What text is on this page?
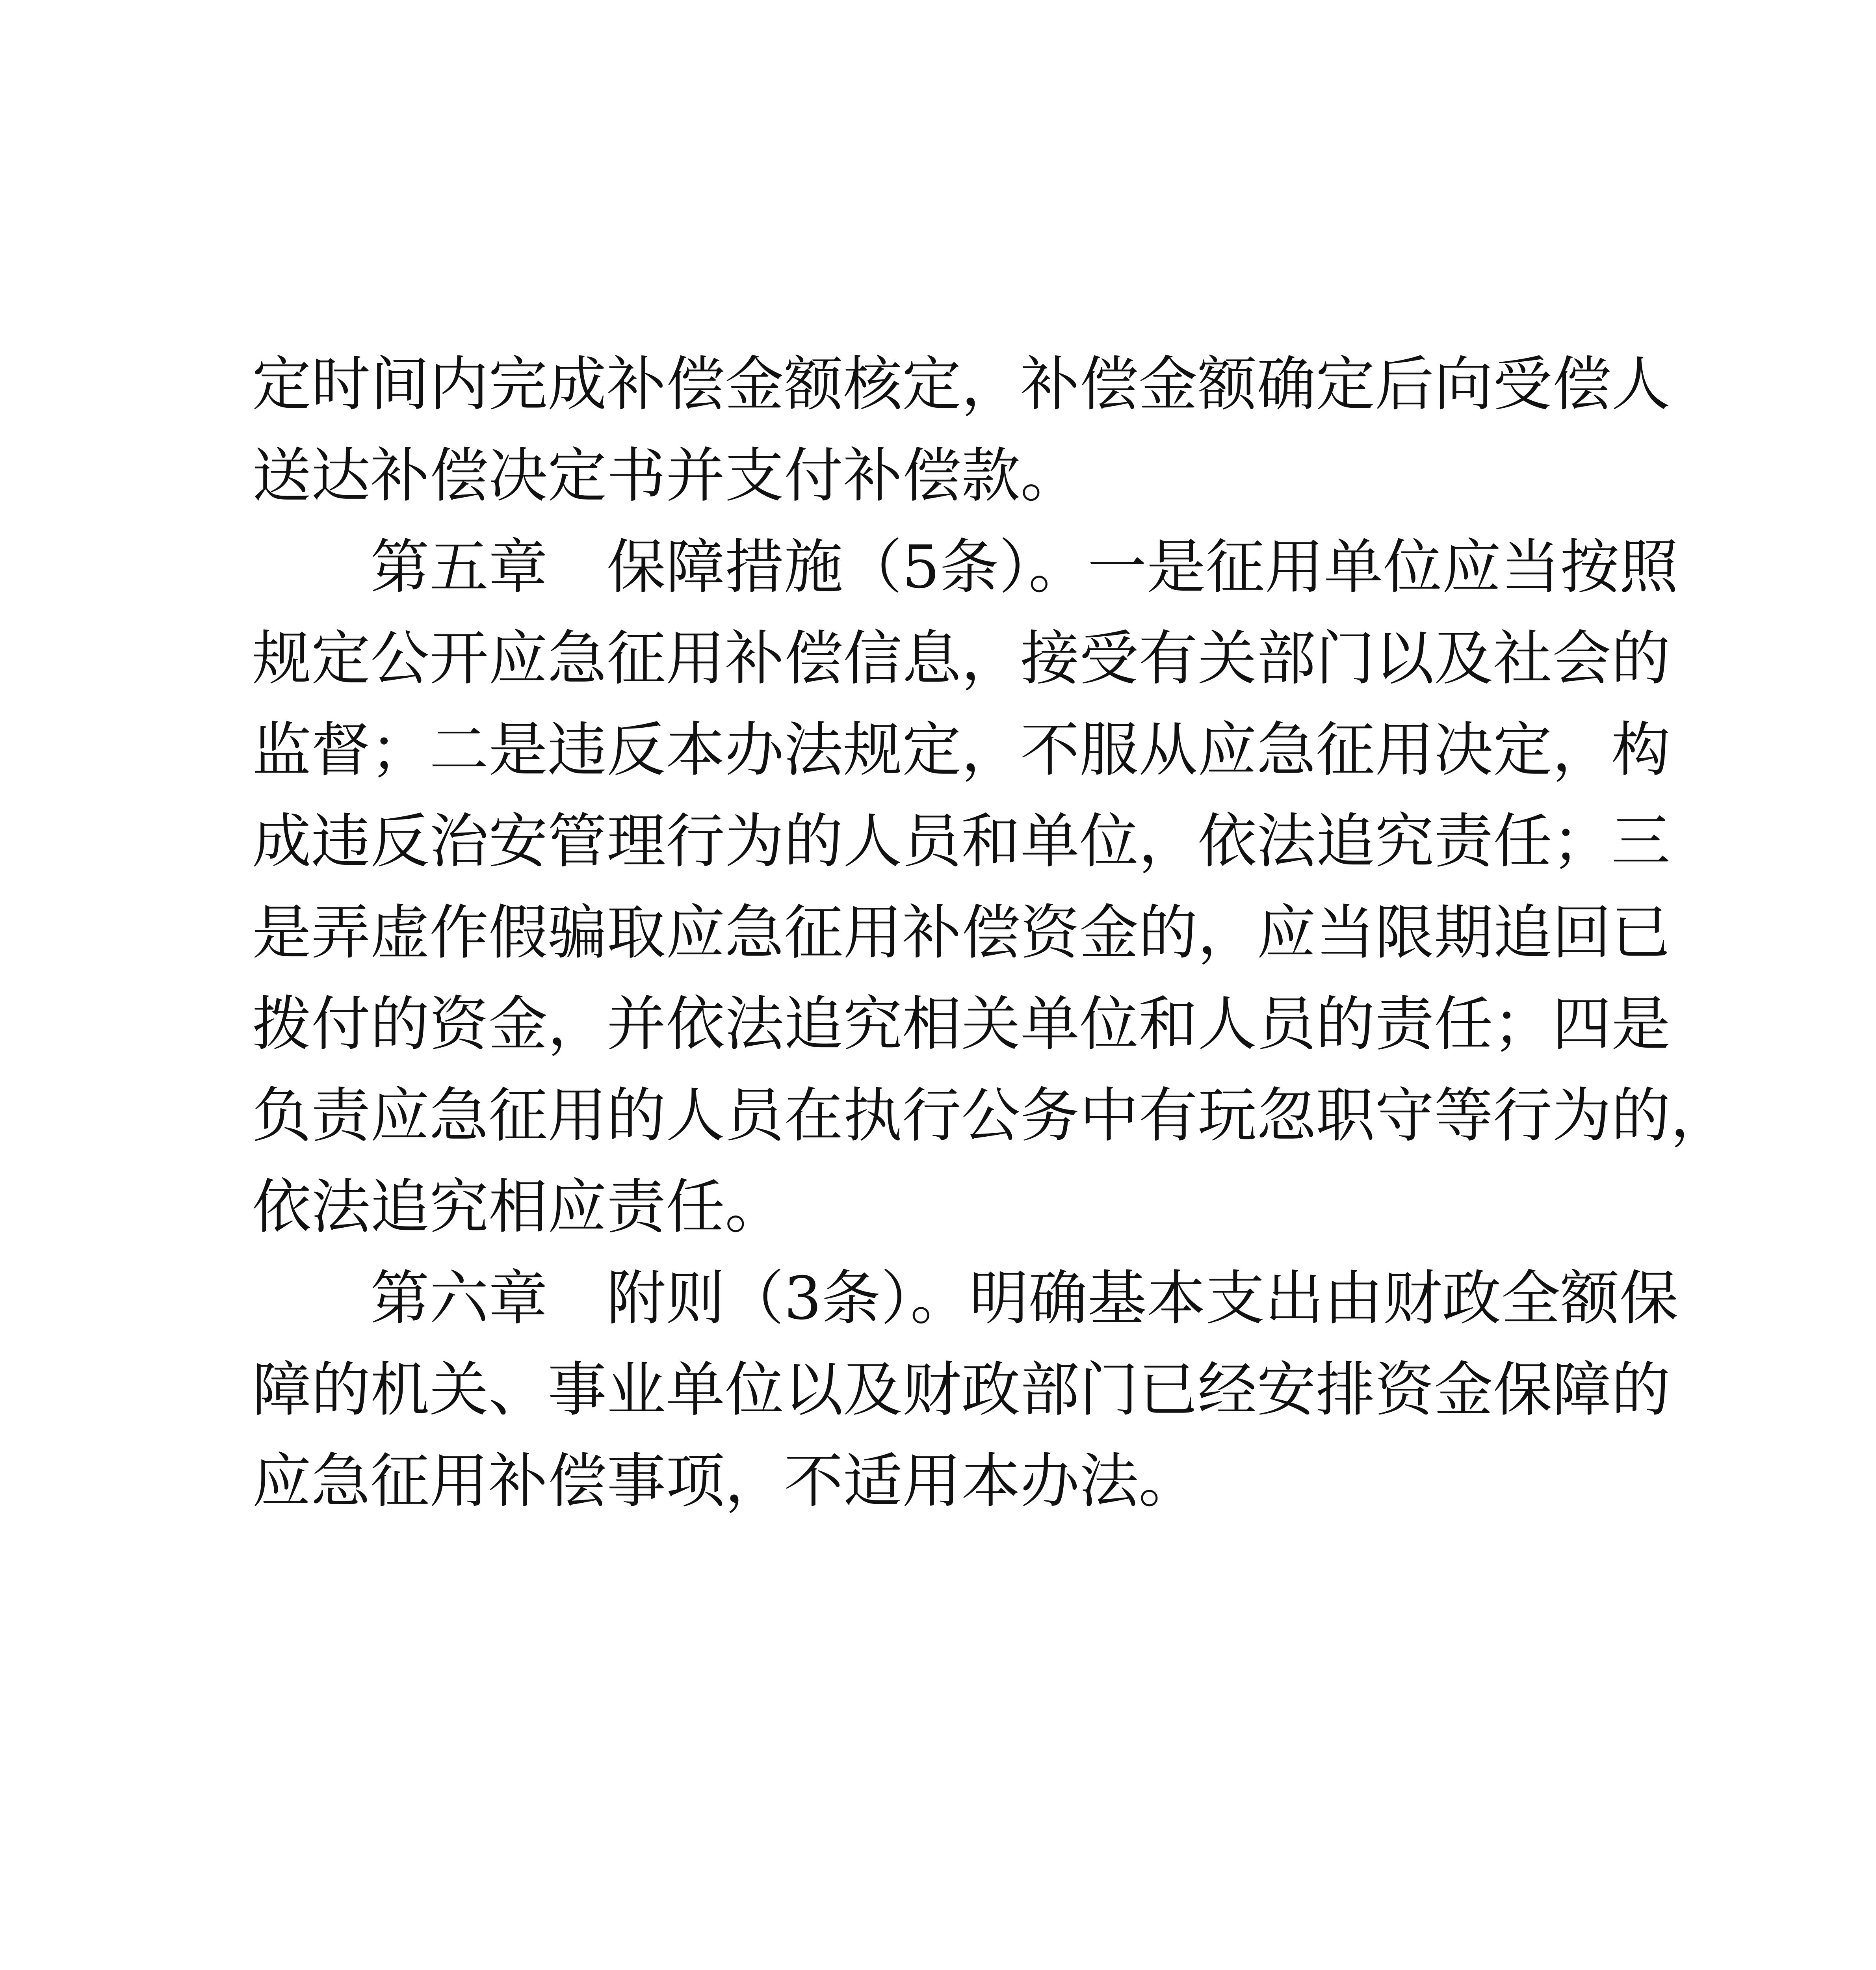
定时间内完成补偿金额核定，补偿金额确定后向受偿人
送达补偿决定书并支付补偿款。
第五章　保障措施（5条）。一是征用单位应当按照
规定公开应急征用补偿信息，接受有关部门以及社会的
监督；二是违反本办法规定，不服从应急征用决定，构
成违反治安管理行为的人员和单位，依法追究责任；三
是弄虚作假骗取应急征用补偿资金的，应当限期追回已
拨付的资金，并依法追究相关单位和人员的责任；四是
负责应急征用的人员在执行公务中有玩忽职守等行为的，
依法追究相应责任。
第六章　附则（3条）。明确基本支出由财政全额保
障的机关、事业单位以及财政部门已经安排资金保障的
应急征用补偿事项，不适用本办法。
